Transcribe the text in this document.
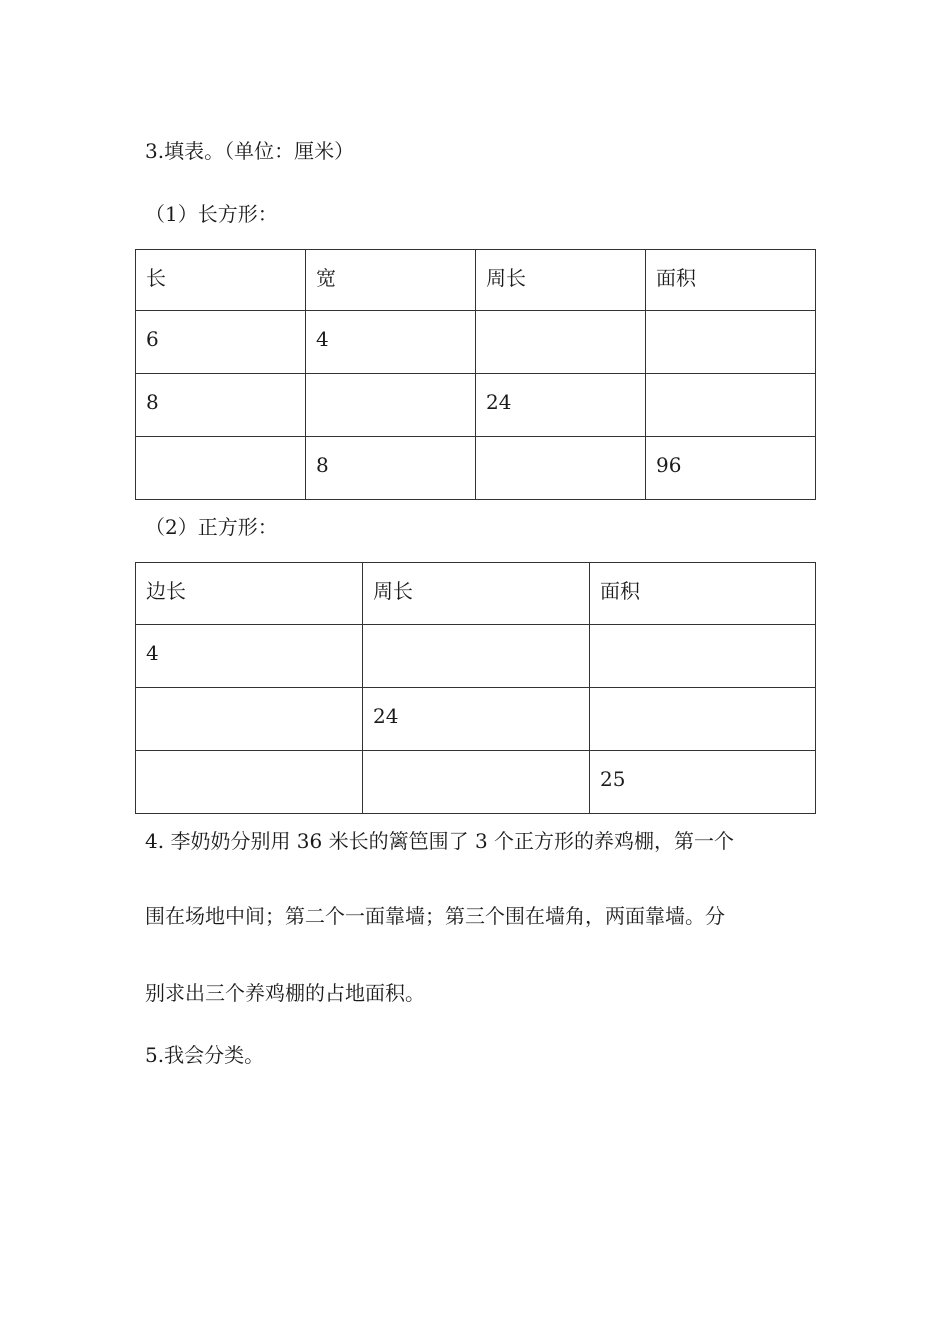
3.填表。（单位：厘米）
（1）长方形：
长	宽	周长	面积

6	4		

8		24	

	8		96
（2）正方形：
边长	周长	面积

4		

	24	

		25
4. 李奶奶分别用 36 米长的篱笆围了 3 个正方形的养鸡棚，第一个
围在场地中间；第二个一面靠墙；第三个围在墙角，两面靠墙。分
别求出三个养鸡棚的占地面积。
5.我会分类。
